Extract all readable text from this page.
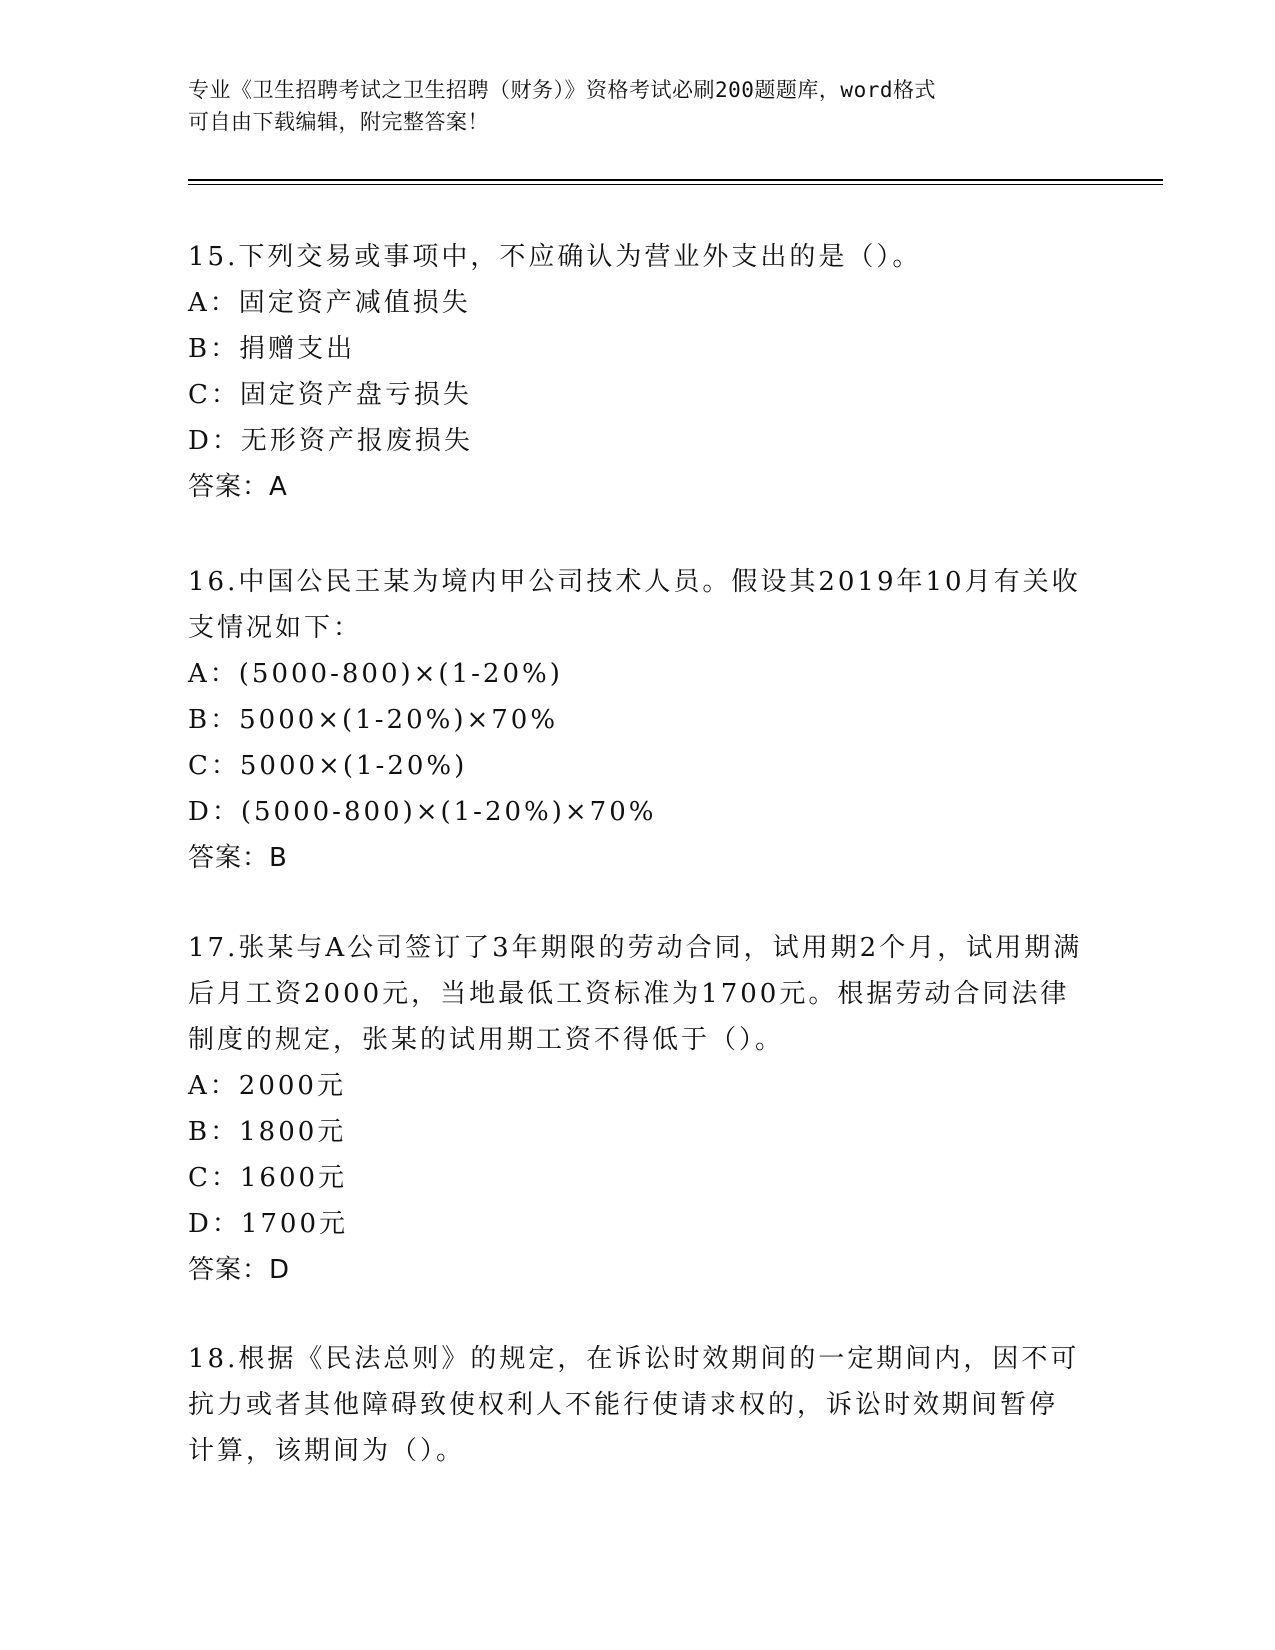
专业《卫生招聘考试之卫生招聘（财务）》资格考试必刷200题题库，word格式
可自由下载编辑，附完整答案！

15.下列交易或事项中，不应确认为营业外支出的是（）。

A：固定资产减值损失

B：捐赠支出

C：固定资产盘亏损失

D：无形资产报废损失

答案：A

16.中国公民王某为境内甲公司技术人员。假设其2019年10月有关收支情况如下：

A：(5000-800)×(1-20%)

B：5000×(1-20%)×70%

C：5000×(1-20%)

D：(5000-800)×(1-20%)×70%

答案：B

17.张某与A公司签订了3年期限的劳动合同，试用期2个月，试用期满后月工资2000元，当地最低工资标准为1700元。根据劳动合同法律制度的规定，张某的试用期工资不得低于（）。

A：2000元

B：1800元

C：1600元

D：1700元

答案：D

18.根据《民法总则》的规定，在诉讼时效期间的一定期间内，因不可抗力或者其他障碍致使权利人不能行使请求权的，诉讼时效期间暂停计算，该期间为（）。
